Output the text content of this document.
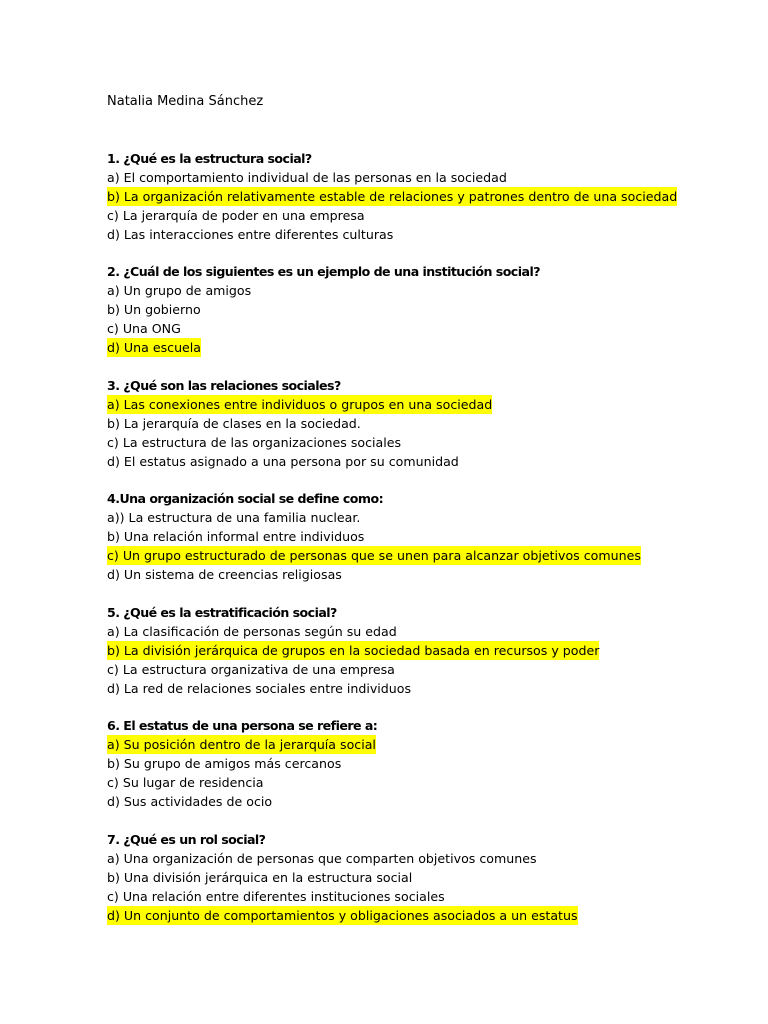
Natalia Medina Sánchez

1. ¿Qué es la estructura social?

a) El comportamiento individual de las personas en la sociedad

b) La organización relativamente estable de relaciones y patrones dentro de una sociedad

c) La jerarquía de poder en una empresa

d) Las interacciones entre diferentes culturas

2. ¿Cuál de los siguientes es un ejemplo de una institución social?

a) Un grupo de amigos

b) Un gobierno

c) Una ONG

d) Una escuela

3. ¿Qué son las relaciones sociales?

a) Las conexiones entre individuos o grupos en una sociedad

b) La jerarquía de clases en la sociedad.

c) La estructura de las organizaciones sociales

d) El estatus asignado a una persona por su comunidad

4.Una organización social se define como:

a)) La estructura de una familia nuclear.

b) Una relación informal entre individuos

c) Un grupo estructurado de personas que se unen para alcanzar objetivos comunes

d) Un sistema de creencias religiosas

5. ¿Qué es la estratificación social?

a) La clasificación de personas según su edad

b) La división jerárquica de grupos en la sociedad basada en recursos y poder

c) La estructura organizativa de una empresa

d) La red de relaciones sociales entre individuos

6. El estatus de una persona se refiere a:

a) Su posición dentro de la jerarquía social

b) Su grupo de amigos más cercanos

c) Su lugar de residencia

d) Sus actividades de ocio

7. ¿Qué es un rol social?

a) Una organización de personas que comparten objetivos comunes

b) Una división jerárquica en la estructura social

c) Una relación entre diferentes instituciones sociales

d) Un conjunto de comportamientos y obligaciones asociados a un estatus
